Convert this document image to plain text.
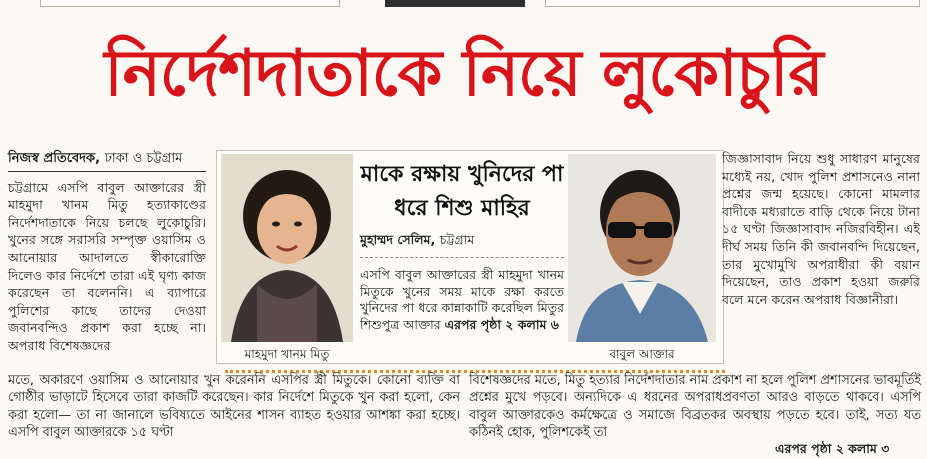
নির্দেশদাতাকে নিয়ে লুকোচুরি
নিজস্ব প্রতিবেদক, ঢাকা ও চট্টগ্রাম
চট্টগ্রামে এসপি বাবুল আক্তারের স্ত্রী মাহমুদা খানম মিতু হত্যাকাণ্ডের নির্দেশদাতাকে নিয়ে চলছে লুকোচুরি। খুনের সঙ্গে সরাসরি সম্পৃক্ত ওয়াসিম ও আনোয়ার আদালতে স্বীকারোক্তি দিলেও কার নির্দেশে তারা এই ঘৃণ্য কাজ করেছেন তা বলেননি। এ ব্যাপারে পুলিশের কাছে তাদের দেওয়া জবানবন্দিও প্রকাশ করা হচ্ছে না। অপরাধ বিশেষজ্ঞদের
মাহমুদা খানম মিতু
মাকে রক্ষায় খুনিদের পা ধরে শিশু মাহির
মুহাম্মদ সেলিম, চট্টগ্রাম
এসপি বাবুল আক্তারের স্ত্রী মাহমুদা খানম মিতুকে খুনের সময় মাকে রক্ষা করতে খুনিদের পা ধরে কান্নাকাটি করেছিল মিতুর শিশুপুত্র আক্তার এরপর পৃষ্ঠা ২ কলাম ৬
বাবুল আক্তার
জিজ্ঞাসাবাদ নিয়ে শুধু সাধারণ মানুষের মধ্যেই নয়, খোদ পুলিশ প্রশাসনেও নানা প্রশ্নের জন্ম হয়েছে। কোনো মামলার বাদীকে মধ্যরাতে বাড়ি থেকে নিয়ে টানা ১৫ ঘণ্টা জিজ্ঞাসাবাদ নজিরবিহীন। এই দীর্ঘ সময় তিনি কী জবানবন্দি দিয়েছেন, তার মুখোমুখি অপরাধীরা কী বয়ান দিয়েছেন, তাও প্রকাশ হওয়া জরুরি বলে মনে করেন অপরাধ বিজ্ঞানীরা।
মতে, অকারণে ওয়াসিম ও আনোয়ার খুন করেননি এসপির স্ত্রী মিতুকে। কোনো ব্যক্তি বা গোষ্ঠীর ভাড়াটে হিসেবে তারা কাজটি করেছেন। কার নির্দেশে মিতুকে খুন করা হলো, কেন করা হলো— তা না জানালে ভবিষ্যতে আইনের শাসন ব্যাহত হওয়ার আশঙ্কা করা হচ্ছে। এসপি বাবুল আক্তারকে ১৫ ঘণ্টা
বিশেষজ্ঞদের মতে, মিতু হত্যার নির্দেশদাতার নাম প্রকাশ না হলে পুলিশ প্রশাসনের ভাবমূর্তিই প্রশ্নের মুখে পড়বে। অন্যদিকে এ ধরনের অপরাধপ্রবণতা আরও বাড়তে থাকবে। এসপি বাবুল আক্তারকেও কর্মক্ষেত্রে ও সমাজে বিব্রতকর অবস্থায় পড়তে হবে। তাই, সত্য যত কঠিনই হোক, পুলিশকেই তা
এরপর পৃষ্ঠা ২ কলাম ৩
